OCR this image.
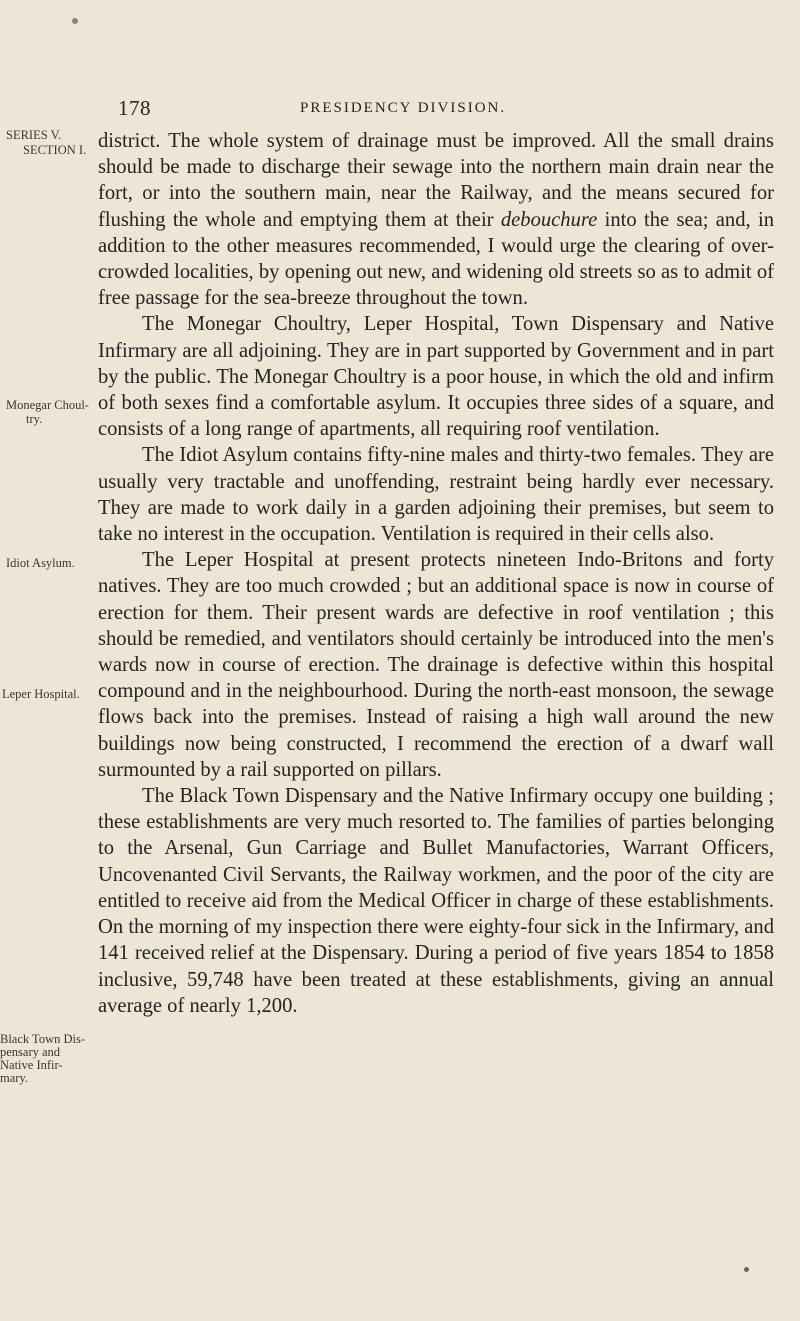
178	PRESIDENCY DIVISION.
SERIES V.
SECTION I.
Monegar Choul-
try.
Idiot Asylum.
Leper Hospital.
Black Town Dis-
pensary and
Native Infir-
mary.

district. The whole system of drainage must be improved. All the small drains should be made to discharge their sewage into the northern main drain near the fort, or into the southern main, near the Railway, and the means secured for flushing the whole and emptying them at their debouchure into the sea; and, in addition to the other measures recommended, I would urge the clearing of over-crowded localities, by opening out new, and widening old streets so as to admit of free passage for the sea-breeze throughout the town.

The Monegar Choultry, Leper Hospital, Town Dispensary and Native Infirmary are all adjoining. They are in part supported by Government and in part by the public. The Monegar Choultry is a poor house, in which the old and infirm of both sexes find a comfortable asylum. It occupies three sides of a square, and consists of a long range of apartments, all requiring roof ventilation.

The Idiot Asylum contains fifty-nine males and thirty-two females. They are usually very tractable and unoffending, restraint being hardly ever necessary. They are made to work daily in a garden adjoining their premises, but seem to take no interest in the occupation. Ventilation is required in their cells also.

The Leper Hospital at present protects nineteen Indo-Britons and forty natives. They are too much crowded ; but an additional space is now in course of erection for them. Their present wards are defective in roof ventilation ; this should be remedied, and ventilators should certainly be introduced into the men's wards now in course of erection. The drainage is defective within this hospital compound and in the neighbourhood. During the north-east monsoon, the sewage flows back into the premises. Instead of raising a high wall around the new buildings now being constructed, I recommend the erection of a dwarf wall surmounted by a rail supported on pillars.

The Black Town Dispensary and the Native Infirmary occupy one building ; these establishments are very much resorted to. The families of parties belonging to the Arsenal, Gun Carriage and Bullet Manufactories, Warrant Officers, Uncovenanted Civil Servants, the Railway workmen, and the poor of the city are entitled to receive aid from the Medical Officer in charge of these establishments. On the morning of my inspection there were eighty-four sick in the Infirmary, and 141 received relief at the Dispensary. During a period of five years 1854 to 1858 inclusive, 59,748 have been treated at these establishments, giving an annual average of nearly 1,200.
